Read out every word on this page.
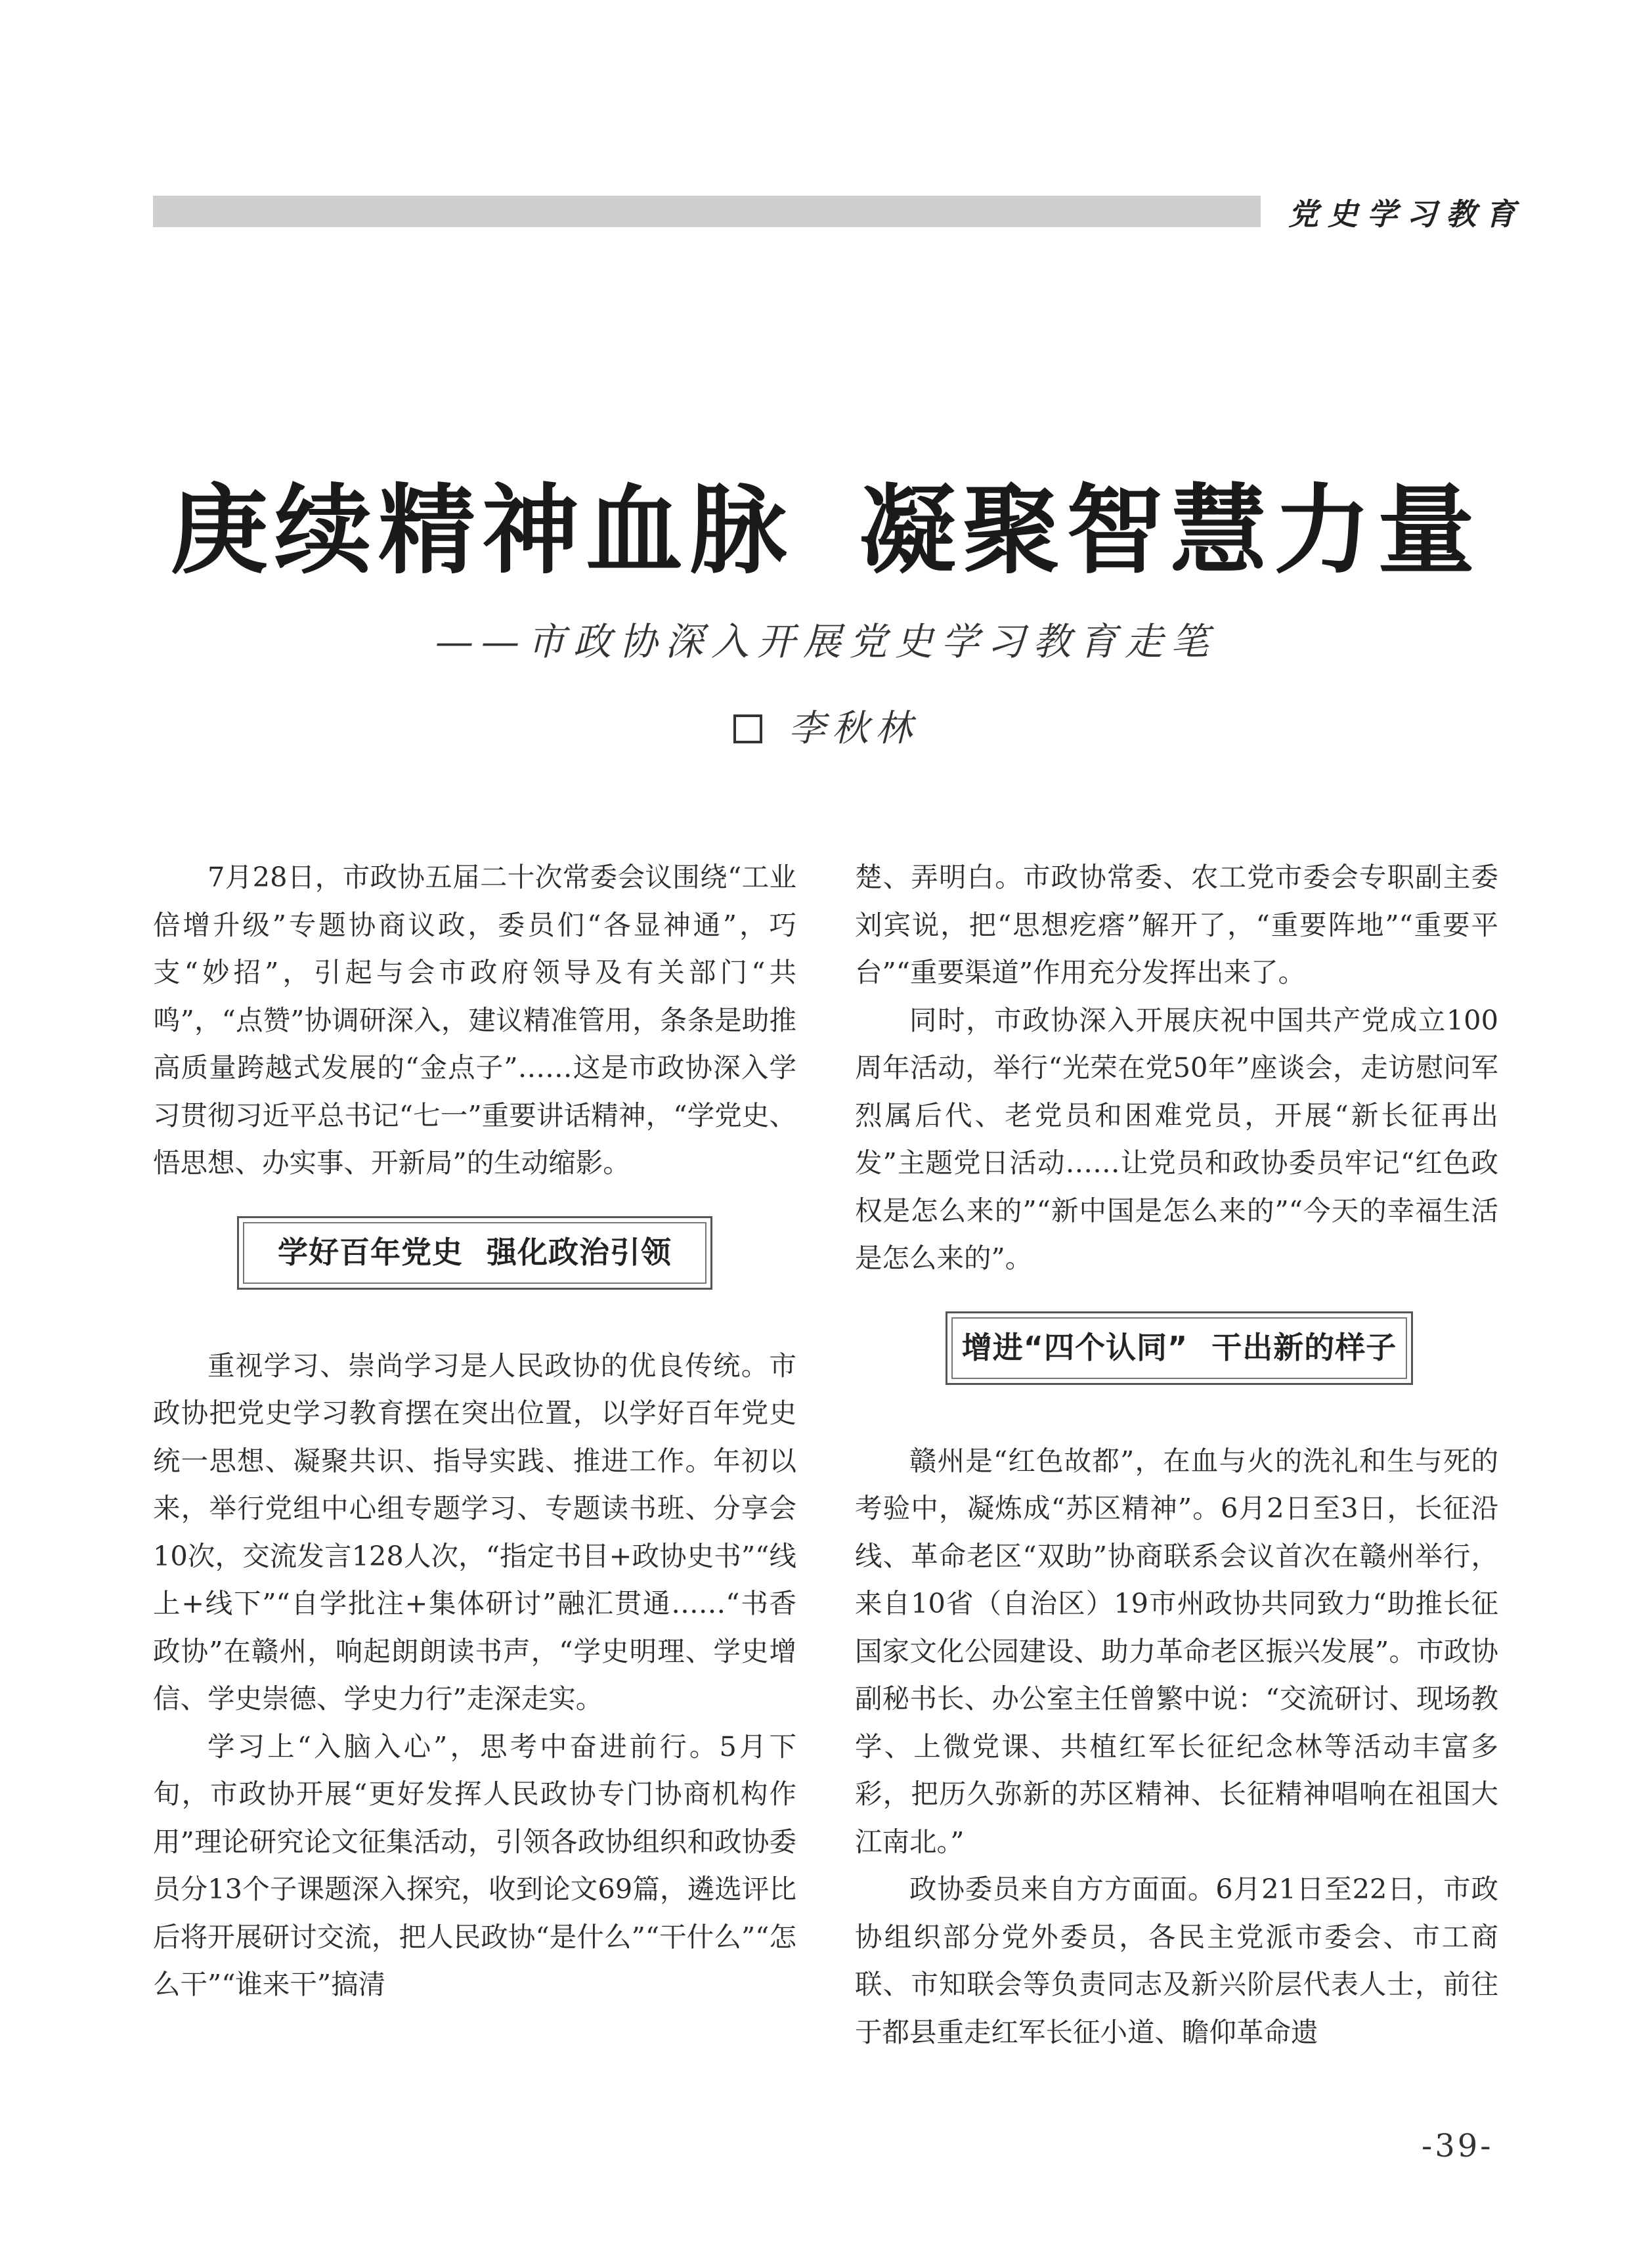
党史学习教育
庚续精神血脉 凝聚智慧力量
——市政协深入开展党史学习教育走笔
李秋林

7月28日，市政协五届二十次常委会议围绕“工业倍增升级”专题协商议政，委员们“各显神通”，巧支“妙招”，引起与会市政府领导及有关部门“共鸣”，“点赞”协调研深入，建议精准管用，条条是助推高质量跨越式发展的“金点子”……这是市政协深入学习贯彻习近平总书记“七一”重要讲话精神，“学党史、悟思想、办实事、开新局”的生动缩影。

学好百年党史 强化政治引领

重视学习、崇尚学习是人民政协的优良传统。市政协把党史学习教育摆在突出位置，以学好百年党史统一思想、凝聚共识、指导实践、推进工作。年初以来，举行党组中心组专题学习、专题读书班、分享会10次，交流发言128人次，“指定书目+政协史书”“线上+线下”“自学批注+集体研讨”融汇贯通……“书香政协”在赣州，响起朗朗读书声，“学史明理、学史增信、学史崇德、学史力行”走深走实。

学习上“入脑入心”，思考中奋进前行。5月下旬，市政协开展“更好发挥人民政协专门协商机构作用”理论研究论文征集活动，引领各政协组织和政协委员分13个子课题深入探究，收到论文69篇，遴选评比后将开展研讨交流，把人民政协“是什么”“干什么”“怎么干”“谁来干”搞清

楚、弄明白。市政协常委、农工党市委会专职副主委刘宾说，把“思想疙瘩”解开了，“重要阵地”“重要平台”“重要渠道”作用充分发挥出来了。

同时，市政协深入开展庆祝中国共产党成立100周年活动，举行“光荣在党50年”座谈会，走访慰问军烈属后代、老党员和困难党员，开展“新长征再出发”主题党日活动……让党员和政协委员牢记“红色政权是怎么来的”“新中国是怎么来的”“今天的幸福生活是怎么来的”。

增进“四个认同” 干出新的样子

赣州是“红色故都”，在血与火的洗礼和生与死的考验中，凝炼成“苏区精神”。6月2日至3日，长征沿线、革命老区“双助”协商联系会议首次在赣州举行，来自10省（自治区）19市州政协共同致力“助推长征国家文化公园建设、助力革命老区振兴发展”。市政协副秘书长、办公室主任曾繁中说：“交流研讨、现场教学、上微党课、共植红军长征纪念林等活动丰富多彩，把历久弥新的苏区精神、长征精神唱响在祖国大江南北。”

政协委员来自方方面面。6月21日至22日，市政协组织部分党外委员，各民主党派市委会、市工商联、市知联会等负责同志及新兴阶层代表人士，前往于都县重走红军长征小道、瞻仰革命遗

-39-
